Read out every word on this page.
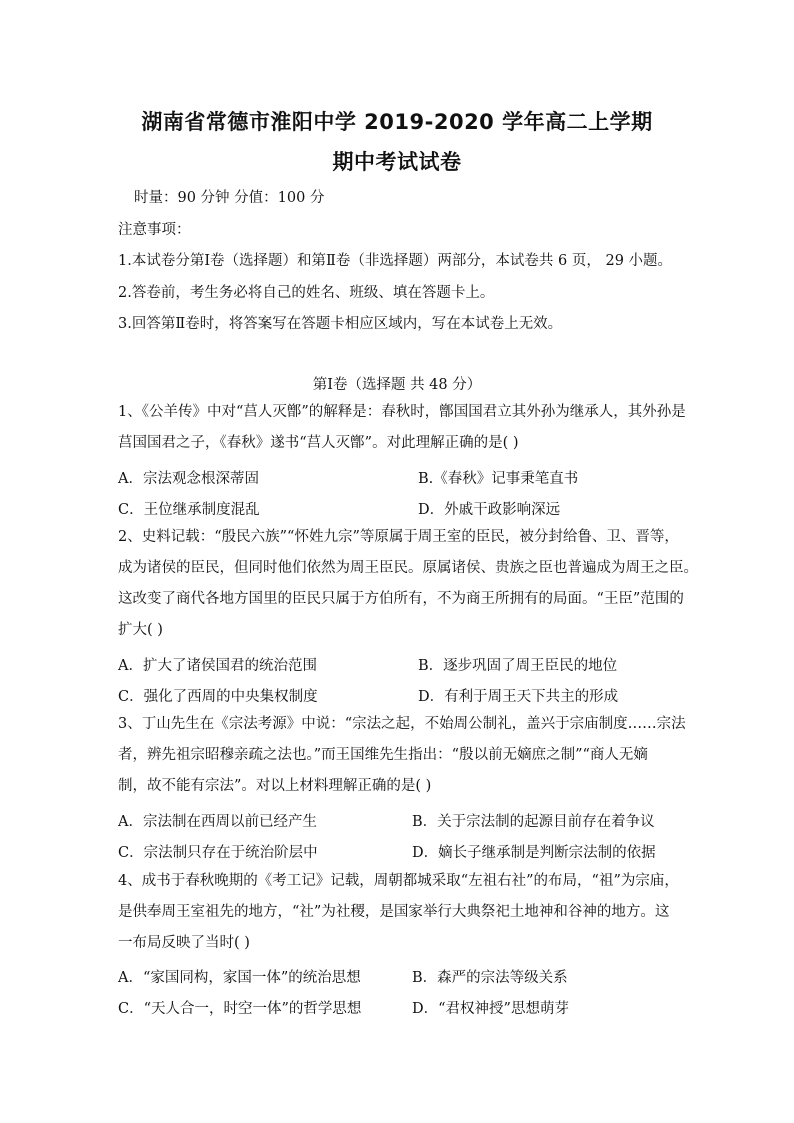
湖南省常德市淮阳中学 2019-2020 学年高二上学期
期中考试试卷
时量：90 分钟 分值：100 分
注意事项：
1.本试卷分第Ⅰ卷（选择题）和第Ⅱ卷（非选择题）两部分，本试卷共 6 页， 29 小题。
2.答卷前，考生务必将自己的姓名、班级、填在答题卡上。
3.回答第Ⅱ卷时，将答案写在答题卡相应区域内，写在本试卷上无效。
第Ⅰ卷（选择题 共 48 分）
1、《公羊传》中对“莒人灭鄫”的解释是：春秋时，鄫国国君立其外孙为继承人，其外孙是
莒国国君之子，《春秋》遂书“莒人灭鄫”。对此理解正确的是( )
A．宗法观念根深蒂固	B.《春秋》记事秉笔直书
C．王位继承制度混乱	D．外戚干政影响深远
2、史料记载：“殷民六族”“怀姓九宗”等原属于周王室的臣民，被分封给鲁、卫、晋等，
成为诸侯的臣民，但同时他们依然为周王臣民。原属诸侯、贵族之臣也普遍成为周王之臣。
这改变了商代各地方国里的臣民只属于方伯所有，不为商王所拥有的局面。“王臣”范围的
扩大( )
A．扩大了诸侯国君的统治范围	B．逐步巩固了周王臣民的地位
C．强化了西周的中央集权制度	D．有利于周王天下共主的形成
3、丁山先生在《宗法考源》中说：“宗法之起，不始周公制礼，盖兴于宗庙制度……宗法
者，辨先祖宗昭穆亲疏之法也。”而王国维先生指出：“殷以前无嫡庶之制”“商人无嫡
制，故不能有宗法”。对以上材料理解正确的是( )
A．宗法制在西周以前已经产生	B．关于宗法制的起源目前存在着争议
C．宗法制只存在于统治阶层中	D．嫡长子继承制是判断宗法制的依据
4、成书于春秋晚期的《考工记》记载，周朝都城采取“左祖右社”的布局，“祖”为宗庙，
是供奉周王室祖先的地方，“社”为社稷，是国家举行大典祭祀土地神和谷神的地方。这
一布局反映了当时( )
A．“家国同构，家国一体”的统治思想	B．森严的宗法等级关系
C．“天人合一，时空一体”的哲学思想	D．“君权神授”思想萌芽
